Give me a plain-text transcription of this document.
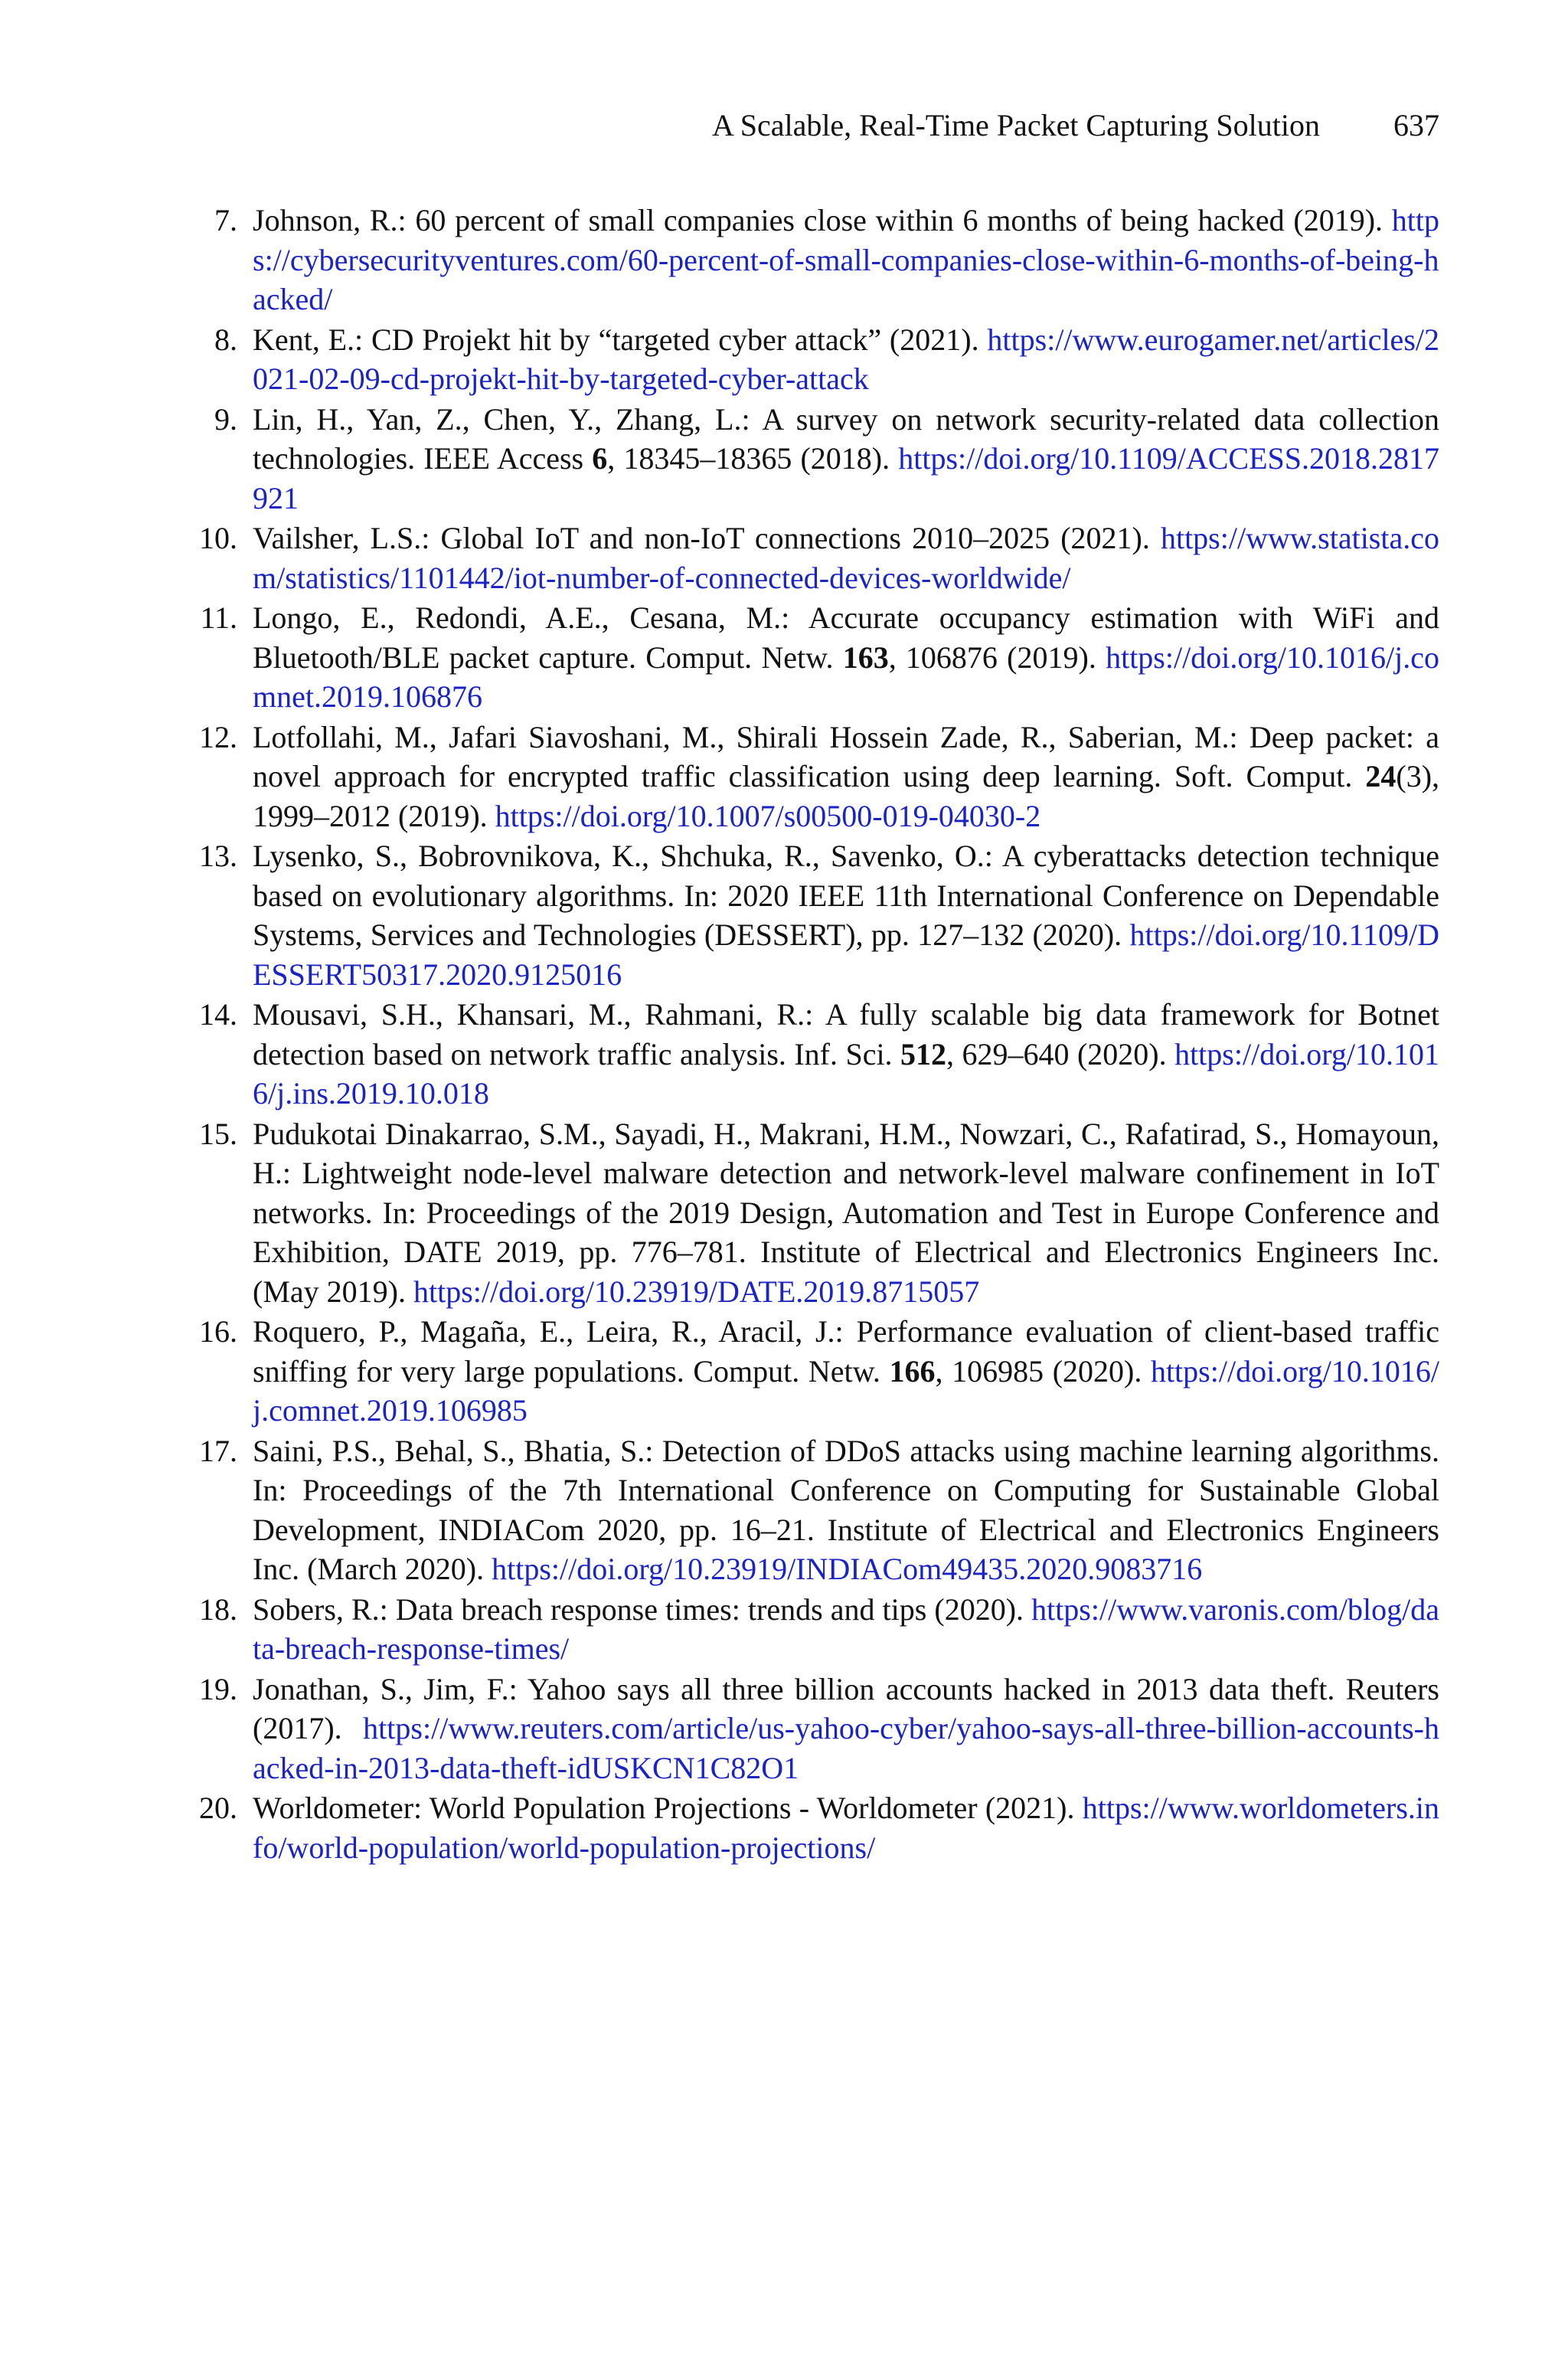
A Scalable, Real-Time Packet Capturing Solution 637
7. Johnson, R.: 60 percent of small companies close within 6 months of being hacked (2019). https://cybersecurityventures.com/60-percent-of-small-companies-close-within-6-months-of-being-hacked/
8. Kent, E.: CD Projekt hit by “targeted cyber attack” (2021). https://www.eurogamer.net/articles/2021-02-09-cd-projekt-hit-by-targeted-cyber-attack
9. Lin, H., Yan, Z., Chen, Y., Zhang, L.: A survey on network security-related data collection technologies. IEEE Access 6, 18345–18365 (2018). https://doi.org/10.1109/ACCESS.2018.2817921
10. Vailsher, L.S.: Global IoT and non-IoT connections 2010–2025 (2021). https://www.statista.com/statistics/1101442/iot-number-of-connected-devices-worldwide/
11. Longo, E., Redondi, A.E., Cesana, M.: Accurate occupancy estimation with WiFi and Bluetooth/BLE packet capture. Comput. Netw. 163, 106876 (2019). https://doi.org/10.1016/j.comnet.2019.106876
12. Lotfollahi, M., Jafari Siavoshani, M., Shirali Hossein Zade, R., Saberian, M.: Deep packet: a novel approach for encrypted traffic classification using deep learning. Soft. Comput. 24(3), 1999–2012 (2019). https://doi.org/10.1007/s00500-019-04030-2
13. Lysenko, S., Bobrovnikova, K., Shchuka, R., Savenko, O.: A cyberattacks detection technique based on evolutionary algorithms. In: 2020 IEEE 11th International Conference on Dependable Systems, Services and Technologies (DESSERT), pp. 127–132 (2020). https://doi.org/10.1109/DESSERT50317.2020.9125016
14. Mousavi, S.H., Khansari, M., Rahmani, R.: A fully scalable big data framework for Botnet detection based on network traffic analysis. Inf. Sci. 512, 629–640 (2020). https://doi.org/10.1016/j.ins.2019.10.018
15. Pudukotai Dinakarrao, S.M., Sayadi, H., Makrani, H.M., Nowzari, C., Rafatirad, S., Homayoun, H.: Lightweight node-level malware detection and network-level malware confinement in IoT networks. In: Proceedings of the 2019 Design, Automation and Test in Europe Conference and Exhibition, DATE 2019, pp. 776–781. Institute of Electrical and Electronics Engineers Inc. (May 2019). https://doi.org/10.23919/DATE.2019.8715057
16. Roquero, P., Magaña, E., Leira, R., Aracil, J.: Performance evaluation of client-based traffic sniffing for very large populations. Comput. Netw. 166, 106985 (2020). https://doi.org/10.1016/j.comnet.2019.106985
17. Saini, P.S., Behal, S., Bhatia, S.: Detection of DDoS attacks using machine learning algorithms. In: Proceedings of the 7th International Conference on Computing for Sustainable Global Development, INDIACom 2020, pp. 16–21. Institute of Electrical and Electronics Engineers Inc. (March 2020). https://doi.org/10.23919/INDIACom49435.2020.9083716
18. Sobers, R.: Data breach response times: trends and tips (2020). https://www.varonis.com/blog/data-breach-response-times/
19. Jonathan, S., Jim, F.: Yahoo says all three billion accounts hacked in 2013 data theft. Reuters (2017). https://www.reuters.com/article/us-yahoo-cyber/yahoo-says-all-three-billion-accounts-hacked-in-2013-data-theft-idUSKCN1C82O1
20. Worldometer: World Population Projections - Worldometer (2021). https://www.worldometers.info/world-population/world-population-projections/
